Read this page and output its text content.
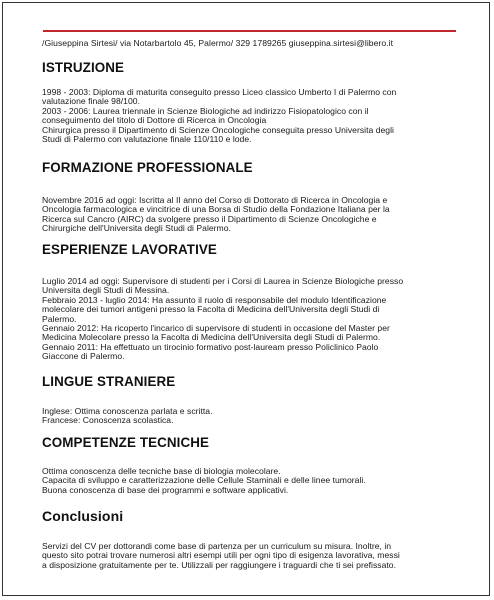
/Giuseppina Sirtesi/ via Notarbartolo 45, Palermo/ 329 1789265 giuseppina.sirtesi@libero.it
ISTRUZIONE
1998 - 2003: Diploma di maturita conseguito presso Liceo classico Umberto I di Palermo con
valutazione finale 98/100.
2003 - 2006: Laurea triennale in Scienze Biologiche ad indirizzo Fisiopatologico con il
conseguimento del titolo di Dottore di Ricerca in Oncologia
Chirurgica presso il Dipartimento di Scienze Oncologiche conseguita presso Universita degli
Studi di Palermo con valutazione finale 110/110 e lode.
FORMAZIONE PROFESSIONALE
Novembre 2016 ad oggi: Iscritta al II anno del Corso di Dottorato di Ricerca in Oncologia e
Oncologia farmacologica e vincitrice di una Borsa di Studio della Fondazione Italiana per la
Ricerca sul Cancro (AIRC) da svolgere presso il Dipartimento di Scienze Oncologiche e
Chirurgiche dell'Universita degli Studi di Palermo.
ESPERIENZE LAVORATIVE
Luglio 2014 ad oggi: Supervisore di studenti per i Corsi di Laurea in Scienze Biologiche presso
Universita degli Studi di Messina.
Febbraio 2013 - luglio 2014: Ha assunto il ruolo di responsabile del modulo Identificazione
molecolare dei tumori antigeni presso la Facolta di Medicina dell'Universita degli Studi di
Palermo.
Gennaio 2012: Ha ricoperto l'incarico di supervisore di studenti in occasione del Master per
Medicina Molecolare presso la Facolta di Medicina dell'Universita degli Studi di Palermo.
Gennaio 2011: Ha effettuato un tirocinio formativo post-lauream presso Policlinico Paolo
Giaccone di Palermo.
LINGUE STRANIERE
Inglese: Ottima conoscenza parlata e scritta.
Francese: Conoscenza scolastica.
COMPETENZE TECNICHE
Ottima conoscenza delle tecniche base di biologia molecolare.
Capacita di sviluppo e caratterizzazione delle Cellule Staminali e delle linee tumorali.
Buona conoscenza di base dei programmi e software applicativi.
Conclusioni
Servizi del CV per dottorandi come base di partenza per un curriculum su misura. Inoltre, in
questo sito potrai trovare numerosi altri esempi utili per ogni tipo di esigenza lavorativa, messi
a disposizione gratuitamente per te. Utilizzali per raggiungere i traguardi che ti sei prefissato.
